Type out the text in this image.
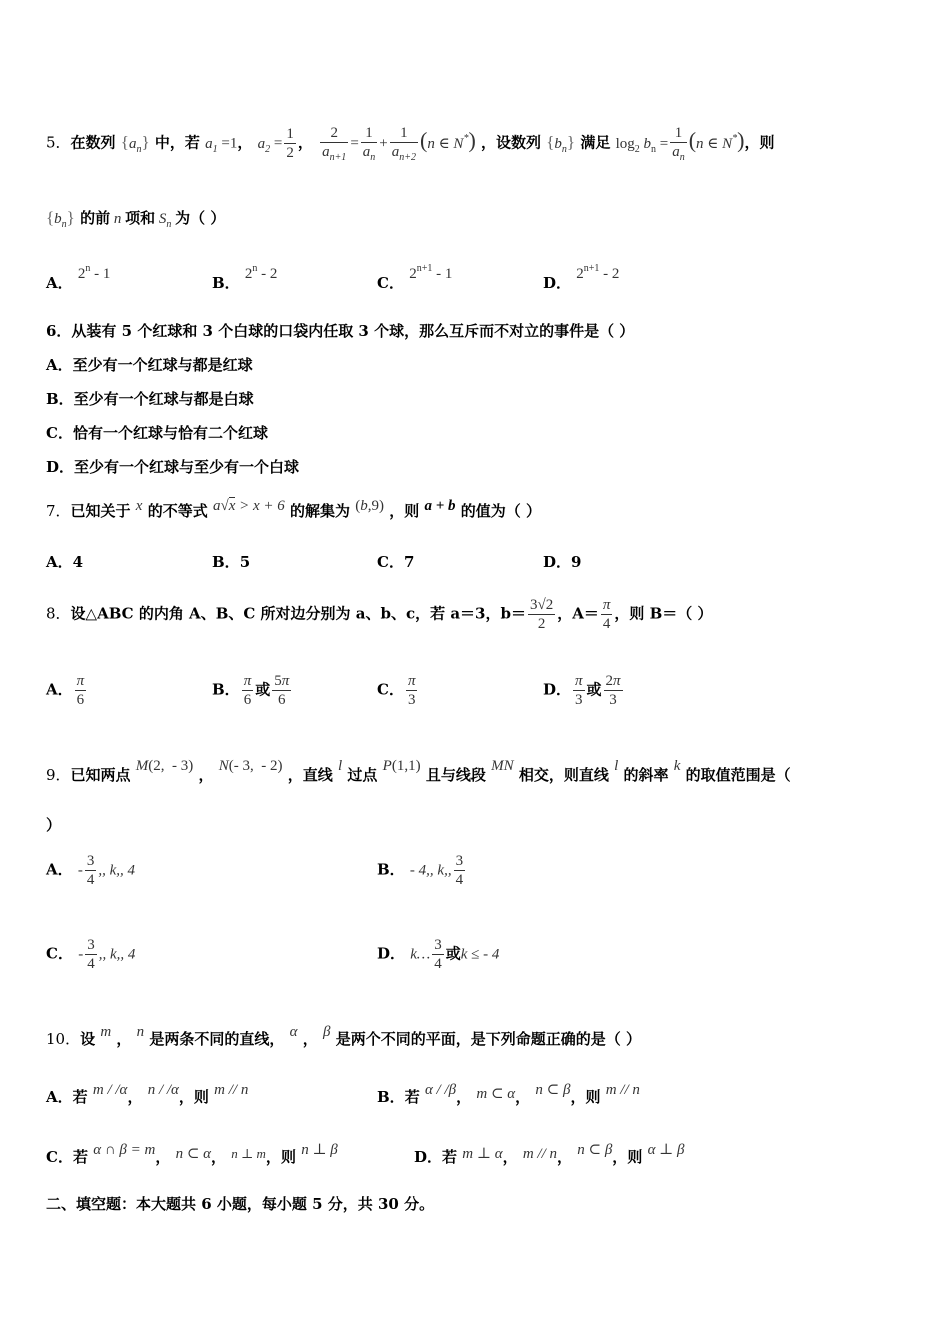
5．在数列 $\{a_n\}$ 中，若 $a_1 =1$， $a_2 = \frac{1}{2}$ ， $\frac{2}{a_{n+1}} = \frac{1}{a_n} + \frac{1}{a_{n+2}} (n$ ∈ N*) ，设数列 $\{b_n\}$ 满足 $\log_2 b_n = \frac{1}{a_n} (n$ ∈ N*)，则
$\{b_n\}$ 的前 n 项和 $S_n$ 为（ ）
A． 2$^n$ - 1	B． 2$^n$ - 2	C． $2^{n+1} - 1$	D． $2^{n+1} - 2$
6．从装有 5 个红球和 3 个白球的口袋内任取 3 个球，那么互斥而不对立的事件是（ ）
A．至少有一个红球与都是红球
B．至少有一个红球与都是白球
C．恰有一个红球与恰有二个红球
D．至少有一个红球与至少有一个白球
7．已知关于 x 的不等式 a√x > x + 6 的解集为 (b,9) ，则 a + b 的值为（ ）
A．4	B．5	C．7	D．9
8．设△ABC 的内角 A、B、C 所对边分别为 a、b、c，若 a＝3，$b= \frac{3√2}{2}$ ，$A= \frac{\pi}{4}$ ，则 B＝（ ）
A． $\frac{\pi}{6}$	B． $\frac{\pi}{6}$ 或 $\frac{5\pi}{6}$	C． $\frac{\pi}{3}$	D． $\frac{\pi}{3}$ 或 $\frac{2\pi}{3}$
9．已知两点 M(2,  - 3) ， N(- 3,  - 2) ，直线 l 过点 P(1,1) 且与线段 MN 相交，则直线 l 的斜率 k 的取值范围是（
）
A． - $\frac{3}{4}$ ,, k,, 4	B． - 4,, k,, $\frac{3}{4}$
C． - $\frac{3}{4}$ ,, k,, 4	D． k… $\frac{3}{4}$ 或k ≤ - 4
10．设 m ， n 是两条不同的直线， α ， β 是两个不同的平面，是下列命题正确的是（ ）
A．若 m / /α， n / /α，则 m // n	B．若 α / /β， m ⊂ α， n ⊂ β，则 m // n
C．若 α ∩ β = m， n ⊂ α， n ⊥ m，则 n ⊥ β	D．若 m ⊥ α， m // n， n ⊂ β，则 α ⊥ β
二、填空题：本大题共 6 小题，每小题 5 分，共 30 分。
